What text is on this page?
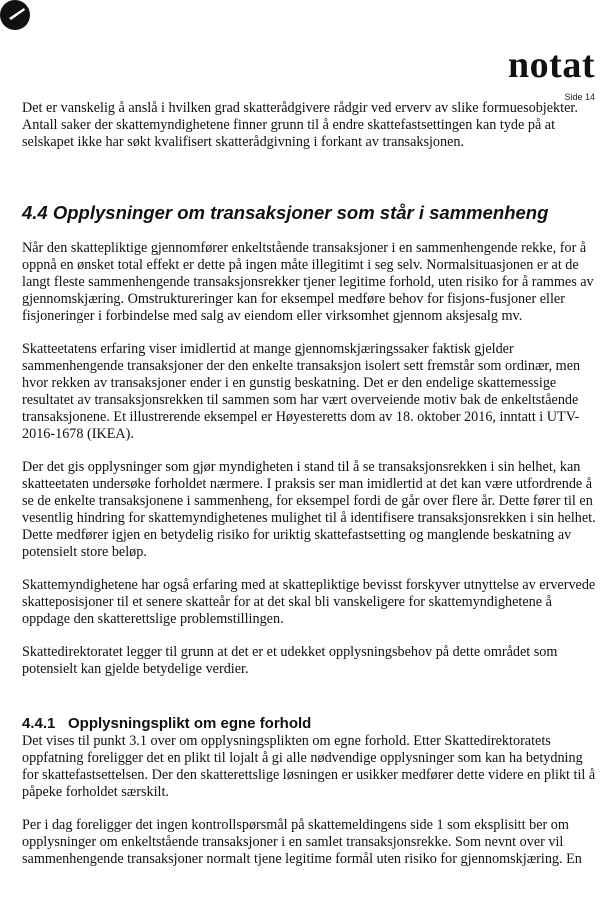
notat
Side 14

Det er vanskelig å anslå i hvilken grad skatterådgivere rådgir ved erverv av slike formuesobjekter. Antall saker der skattemyndighetene finner grunn til å endre skattefastsettingen kan tyde på at selskapet ikke har søkt kvalifisert skatterådgivning i forkant av transaksjonen.

4.4 Opplysninger om transaksjoner som står i sammenheng

Når den skattepliktige gjennomfører enkeltstående transaksjoner i en sammenhengende rekke, for å oppnå en ønsket total effekt er dette på ingen måte illegitimt i seg selv. Normalsituasjonen er at de langt fleste sammenhengende transaksjonsrekker tjener legitime forhold, uten risiko for å rammes av gjennomskjæring. Omstruktureringer kan for eksempel medføre behov for fisjons-fusjoner eller fisjoneringer i forbindelse med salg av eiendom eller virksomhet gjennom aksjesalg mv.

Skatteetatens erfaring viser imidlertid at mange gjennomskjæringssaker faktisk gjelder sammenhengende transaksjoner der den enkelte transaksjon isolert sett fremstår som ordinær, men hvor rekken av transaksjoner ender i en gunstig beskatning. Det er den endelige skattemessige resultatet av transaksjonsrekken til sammen som har vært overveiende motiv bak de enkeltstående transaksjonene. Et illustrerende eksempel er Høyesteretts dom av 18. oktober 2016, inntatt i UTV-2016-1678 (IKEA).

Der det gis opplysninger som gjør myndigheten i stand til å se transaksjonsrekken i sin helhet, kan skatteetaten undersøke forholdet nærmere. I praksis ser man imidlertid at det kan være utfordrende å se de enkelte transaksjonene i sammenheng, for eksempel fordi de går over flere år. Dette fører til en vesentlig hindring for skattemyndighetenes mulighet til å identifisere transaksjonsrekken i sin helhet. Dette medfører igjen en betydelig risiko for uriktig skattefastsetting og manglende beskatning av potensielt store beløp.

Skattemyndighetene har også erfaring med at skattepliktige bevisst forskyver utnyttelse av ervervede skatteposisjoner til et senere skatteår for at det skal bli vanskeligere for skattemyndighetene å oppdage den skatterettslige problemstillingen.

Skattedirektoratet legger til grunn at det er et udekket opplysningsbehov på dette området som potensielt kan gjelde betydelige verdier.

4.4.1 Opplysningsplikt om egne forhold

Det vises til punkt 3.1 over om opplysningsplikten om egne forhold. Etter Skattedirektoratets oppfatning foreligger det en plikt til lojalt å gi alle nødvendige opplysninger som kan ha betydning for skattefastsettelsen. Der den skatterettslige løsningen er usikker medfører dette videre en plikt til å påpeke forholdet særskilt.

Per i dag foreligger det ingen kontrollspørsmål på skattemeldingens side 1 som eksplisitt ber om opplysninger om enkeltstående transaksjoner i en samlet transaksjonsrekke. Som nevnt over vil sammenhengende transaksjoner normalt tjene legitime formål uten risiko for gjennomskjæring. En
